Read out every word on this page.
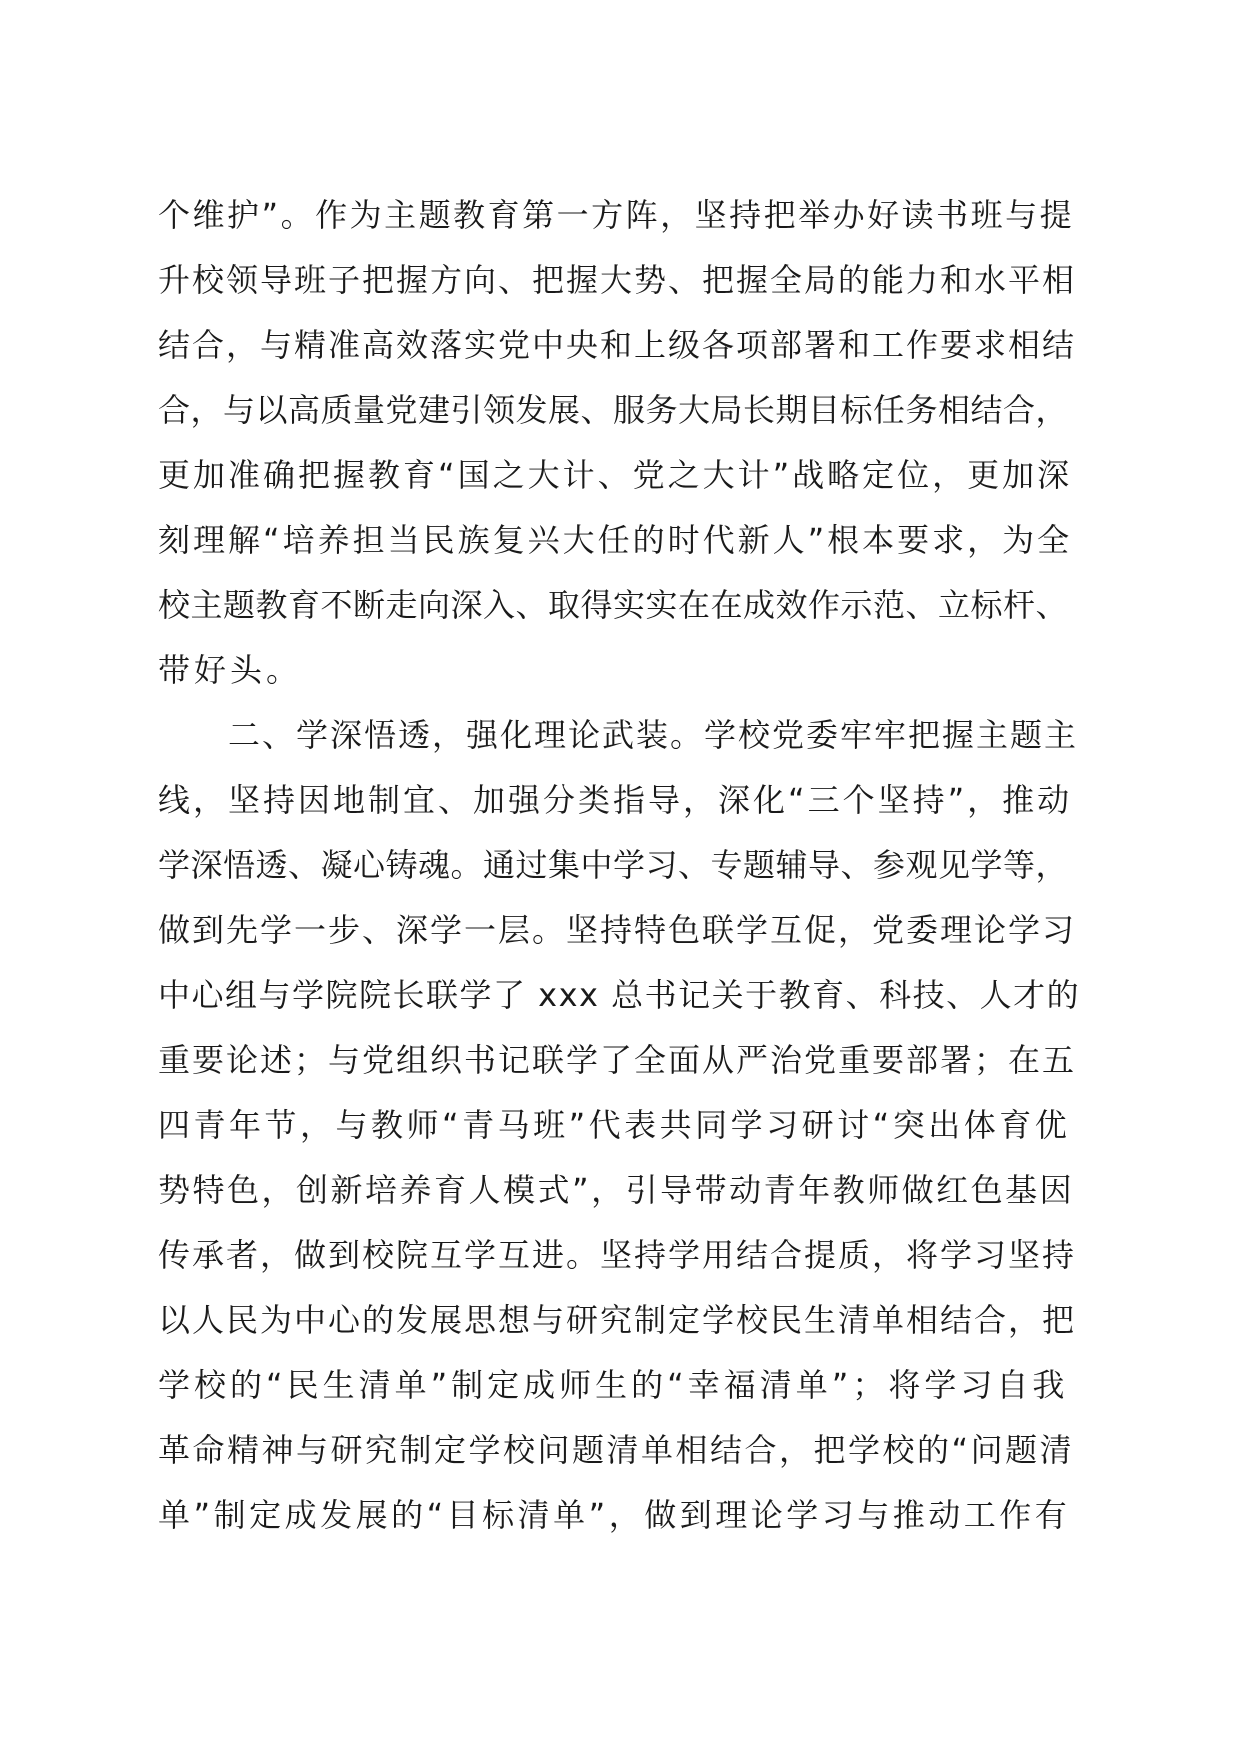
个维护”。作为主题教育第一方阵，坚持把举办好读书班与提
升校领导班子把握方向、把握大势、把握全局的能力和水平相
结合，与精准高效落实党中央和上级各项部署和工作要求相结
合，与以高质量党建引领发展、服务大局长期目标任务相结合，
更加准确把握教育“国之大计、党之大计”战略定位，更加深
刻理解“培养担当民族复兴大任的时代新人”根本要求，为全
校主题教育不断走向深入、取得实实在在成效作示范、立标杆、
带好头。
二、学深悟透，强化理论武装。学校党委牢牢把握主题主
线，坚持因地制宜、加强分类指导，深化“三个坚持”，推动
学深悟透、凝心铸魂。通过集中学习、专题辅导、参观见学等，
做到先学一步、深学一层。坚持特色联学互促，党委理论学习
中心组与学院院长联学了 xxx 总书记关于教育、科技、人才的
重要论述；与党组织书记联学了全面从严治党重要部署；在五
四青年节，与教师“青马班”代表共同学习研讨“突出体育优
势特色，创新培养育人模式”，引导带动青年教师做红色基因
传承者，做到校院互学互进。坚持学用结合提质，将学习坚持
以人民为中心的发展思想与研究制定学校民生清单相结合，把
学校的“民生清单”制定成师生的“幸福清单”；将学习自我
革命精神与研究制定学校问题清单相结合，把学校的“问题清
单”制定成发展的“目标清单”，做到理论学习与推动工作有
